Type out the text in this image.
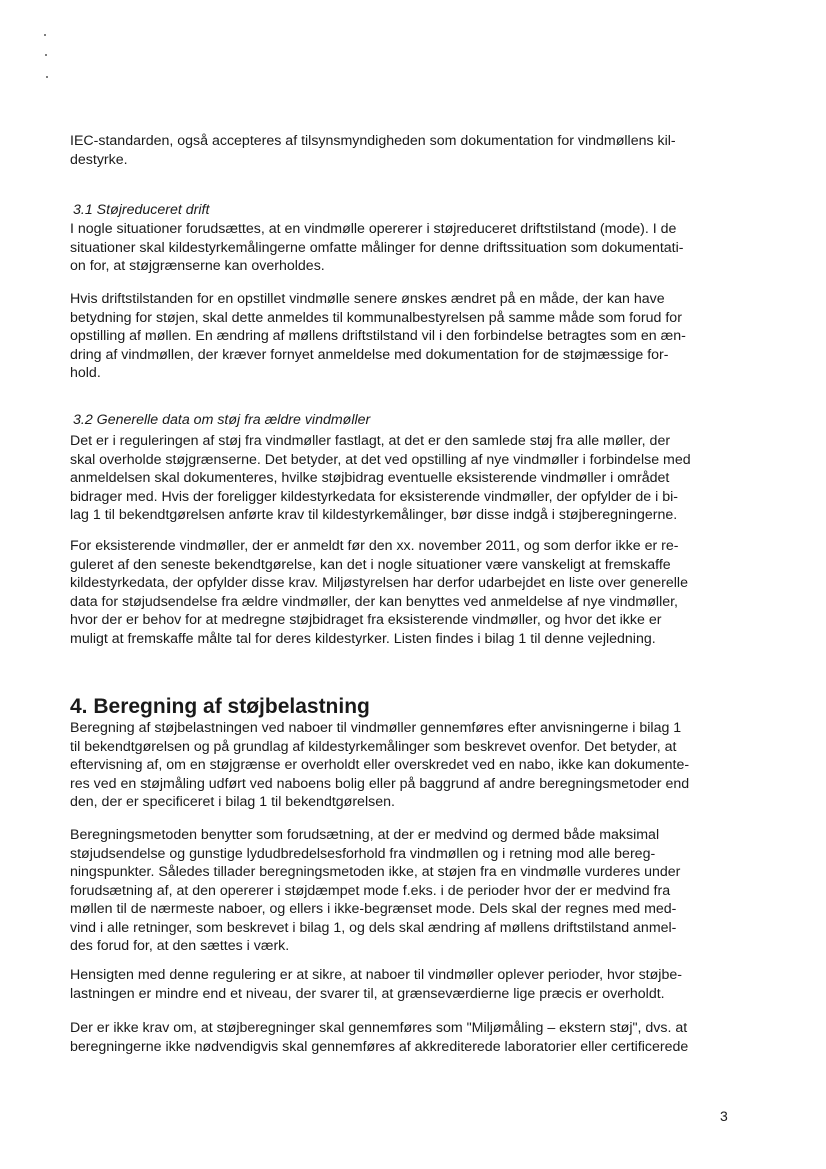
IEC-standarden, også accepteres af tilsynsmyndigheden som dokumentation for vindmøllens kil-
destyrke.

3.1 Støjreduceret drift

I nogle situationer forudsættes, at en vindmølle opererer i støjreduceret driftstilstand (mode). I de
situationer skal kildestyrkemålingerne omfatte målinger for denne driftssituation som dokumentati-
on for, at støjgrænserne kan overholdes.

Hvis driftstilstanden for en opstillet vindmølle senere ønskes ændret på en måde, der kan have
betydning for støjen, skal dette anmeldes til kommunalbestyrelsen på samme måde som forud for
opstilling af møllen. En ændring af møllens driftstilstand vil i den forbindelse betragtes som en æn-
dring af vindmøllen, der kræver fornyet anmeldelse med dokumentation for de støjmæssige for-
hold.

3.2 Generelle data om støj fra ældre vindmøller

Det er i reguleringen af støj fra vindmøller fastlagt, at det er den samlede støj fra alle møller, der
skal overholde støjgrænserne. Det betyder, at det ved opstilling af nye vindmøller i forbindelse med
anmeldelsen skal dokumenteres, hvilke støjbidrag eventuelle eksisterende vindmøller i området
bidrager med. Hvis der foreligger kildestyrkedata for eksisterende vindmøller, der opfylder de i bi-
lag 1 til bekendtgørelsen anførte krav til kildestyrkemålinger, bør disse indgå i støjberegningerne.

For eksisterende vindmøller, der er anmeldt før den xx. november 2011, og som derfor ikke er re-
guleret af den seneste bekendtgørelse, kan det i nogle situationer være vanskeligt at fremskaffe
kildestyrkedata, der opfylder disse krav. Miljøstyrelsen har derfor udarbejdet en liste over generelle
data for støjudsendelse fra ældre vindmøller, der kan benyttes ved anmeldelse af nye vindmøller,
hvor der er behov for at medregne støjbidraget fra eksisterende vindmøller, og hvor det ikke er
muligt at fremskaffe målte tal for deres kildestyrker. Listen findes i bilag 1 til denne vejledning.

4. Beregning af støjbelastning

Beregning af støjbelastningen ved naboer til vindmøller gennemføres efter anvisningerne i bilag 1
til bekendtgørelsen og på grundlag af kildestyrkemålinger som beskrevet ovenfor. Det betyder, at
eftervisning af, om en støjgrænse er overholdt eller overskredet ved en nabo, ikke kan dokumente-
res ved en støjmåling udført ved naboens bolig eller på baggrund af andre beregningsmetoder end
den, der er specificeret i bilag 1 til bekendtgørelsen.

Beregningsmetoden benytter som forudsætning, at der er medvind og dermed både maksimal
støjudsendelse og gunstige lydudbredelsesforhold fra vindmøllen og i retning mod alle bereg-
ningspunkter. Således tillader beregningsmetoden ikke, at støjen fra en vindmølle vurderes under
forudsætning af, at den opererer i støjdæmpet mode f.eks. i de perioder hvor der er medvind fra
møllen til de nærmeste naboer, og ellers i ikke-begrænset mode. Dels skal der regnes med med-
vind i alle retninger, som beskrevet i bilag 1, og dels skal ændring af møllens driftstilstand anmel-
des forud for, at den sættes i værk.

Hensigten med denne regulering er at sikre, at naboer til vindmøller oplever perioder, hvor støjbe-
lastningen er mindre end et niveau, der svarer til, at grænseværdierne lige præcis er overholdt.

Der er ikke krav om, at støjberegninger skal gennemføres som "Miljømåling – ekstern støj", dvs. at
beregningerne ikke nødvendigvis skal gennemføres af akkrediterede laboratorier eller certificerede

3
